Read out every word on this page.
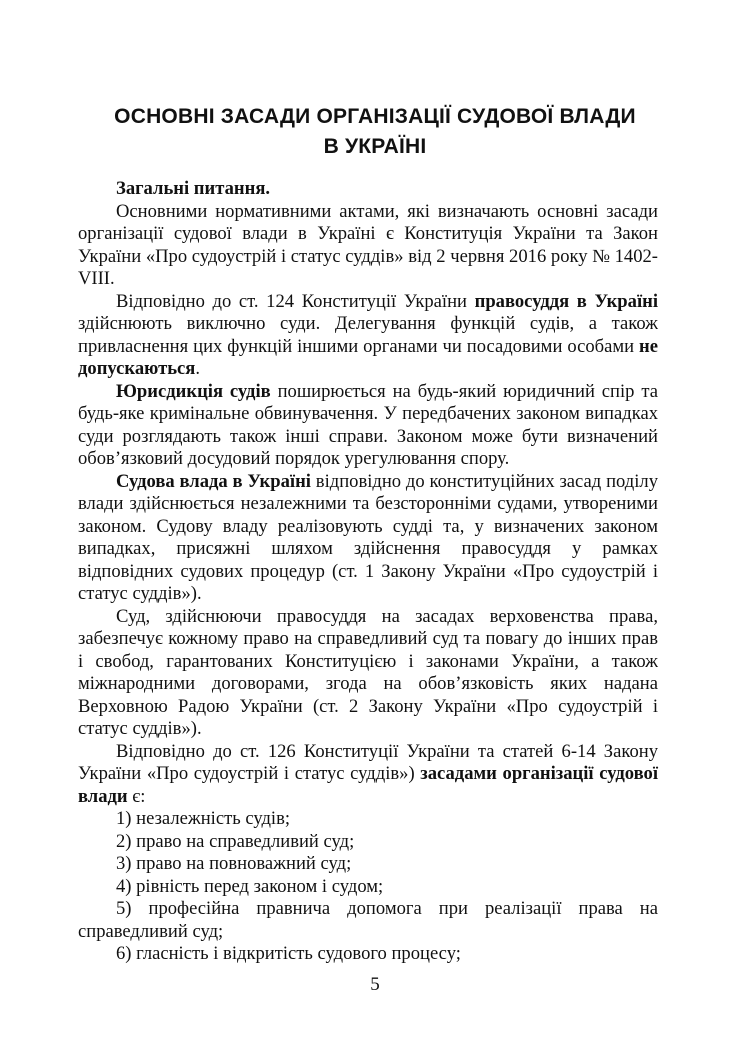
ОСНОВНІ ЗАСАДИ ОРГАНІЗАЦІЇ СУДОВОЇ ВЛАДИ
В УКРАЇНІ

Загальні питання.

Основними нормативними актами, які визначають основні засади організації судової влади в Україні є Конституція України та Закон України «Про судоустрій і статус суддів» від 2 червня 2016 року № 1402-VIII.

Відповідно до ст. 124 Конституції України правосуддя в Україні здійснюють виключно суди. Делегування функцій судів, а також привласнення цих функцій іншими органами чи посадовими особами не допускаються.

Юрисдикція судів поширюється на будь-який юридичний спір та будь-яке кримінальне обвинувачення. У передбачених законом випадках суди розглядають також інші справи. Законом може бути визначений обов’язковий досудовий порядок урегулювання спору.

Судова влада в Україні відповідно до конституційних засад поділу влади здійснюється незалежними та безсторонніми судами, утвореними законом. Судову владу реалізовують судді та, у визначених законом випадках, присяжні шляхом здійснення правосуддя у рамках відповідних судових процедур (ст. 1 Закону України «Про судоустрій і статус суддів»).

Суд, здійснюючи правосуддя на засадах верховенства права, забезпечує кожному право на справедливий суд та повагу до інших прав і свобод, гарантованих Конституцією і законами України, а також міжнародними договорами, згода на обов’язковість яких надана Верховною Радою України (ст. 2 Закону України «Про судоустрій і статус суддів»).

Відповідно до ст. 126 Конституції України та статей 6-14 Закону України «Про судоустрій і статус суддів») засадами організації судової влади є:

1) незалежність судів;

2) право на справедливий суд;

3) право на повноважний суд;

4) рівність перед законом і судом;

5) професійна правнича допомога при реалізації права на справедливий суд;

6) гласність і відкритість судового процесу;

5
